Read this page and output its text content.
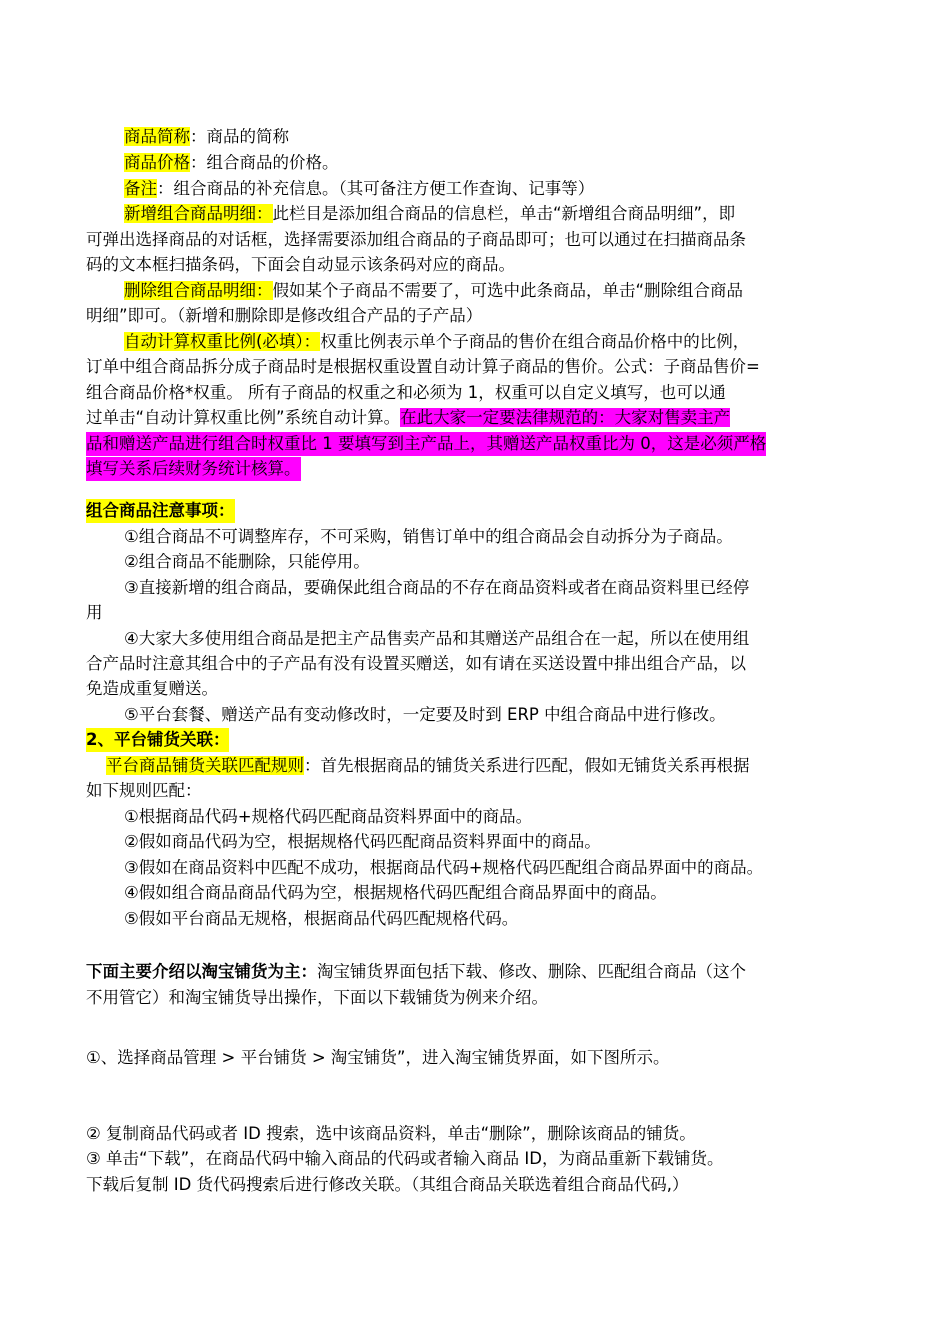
商品简称：商品的简称
商品价格：组合商品的价格。
备注：组合商品的补充信息。（其可备注方便工作查询、记事等）
新增组合商品明细：此栏目是添加组合商品的信息栏，单击“新增组合商品明细”，即
可弹出选择商品的对话框，选择需要添加组合商品的子商品即可；也可以通过在扫描商品条
码的文本框扫描条码，下面会自动显示该条码对应的商品。
删除组合商品明细：假如某个子商品不需要了，可选中此条商品，单击“删除组合商品
明细”即可。（新增和删除即是修改组合产品的子产品）
自动计算权重比例(必填）：权重比例表示单个子商品的售价在组合商品价格中的比例，
订单中组合商品拆分成子商品时是根据权重设置自动计算子商品的售价。公式：子商品售价=
组合商品价格*权重。 所有子商品的权重之和必须为 1，权重可以自定义填写，也可以通
过单击“自动计算权重比例”系统自动计算。在此大家一定要法律规范的：大家对售卖主产
品和赠送产品进行组合时权重比 1 要填写到主产品上，其赠送产品权重比为 0，这是必须严格
填写关系后续财务统计核算。
组合商品注意事项：
①组合商品不可调整库存，不可采购，销售订单中的组合商品会自动拆分为子商品。
②组合商品不能删除，只能停用。
③直接新增的组合商品，要确保此组合商品的不存在商品资料或者在商品资料里已经停
用
④大家大多使用组合商品是把主产品售卖产品和其赠送产品组合在一起，所以在使用组
合产品时注意其组合中的子产品有没有设置买赠送，如有请在买送设置中排出组合产品，以
免造成重复赠送。
⑤平台套餐、赠送产品有变动修改时，一定要及时到 ERP 中组合商品中进行修改。
2、平台铺货关联：
平台商品铺货关联匹配规则：首先根据商品的铺货关系进行匹配，假如无铺货关系再根据
如下规则匹配：
①根据商品代码+规格代码匹配商品资料界面中的商品。
②假如商品代码为空，根据规格代码匹配商品资料界面中的商品。
③假如在商品资料中匹配不成功，根据商品代码+规格代码匹配组合商品界面中的商品。
④假如组合商品商品代码为空，根据规格代码匹配组合商品界面中的商品。
⑤假如平台商品无规格，根据商品代码匹配规格代码。
下面主要介绍以淘宝铺货为主：淘宝铺货界面包括下载、修改、删除、匹配组合商品（这个
不用管它）和淘宝铺货导出操作，下面以下载铺货为例来介绍。
①、选择商品管理 > 平台铺货 > 淘宝铺货”，进入淘宝铺货界面，如下图所示。
② 复制商品代码或者 ID 搜索，选中该商品资料，单击“删除”，删除该商品的铺货。
③ 单击“下载”，在商品代码中输入商品的代码或者输入商品 ID，为商品重新下载铺货。
下载后复制 ID 货代码搜索后进行修改关联。（其组合商品关联选着组合商品代码,）
